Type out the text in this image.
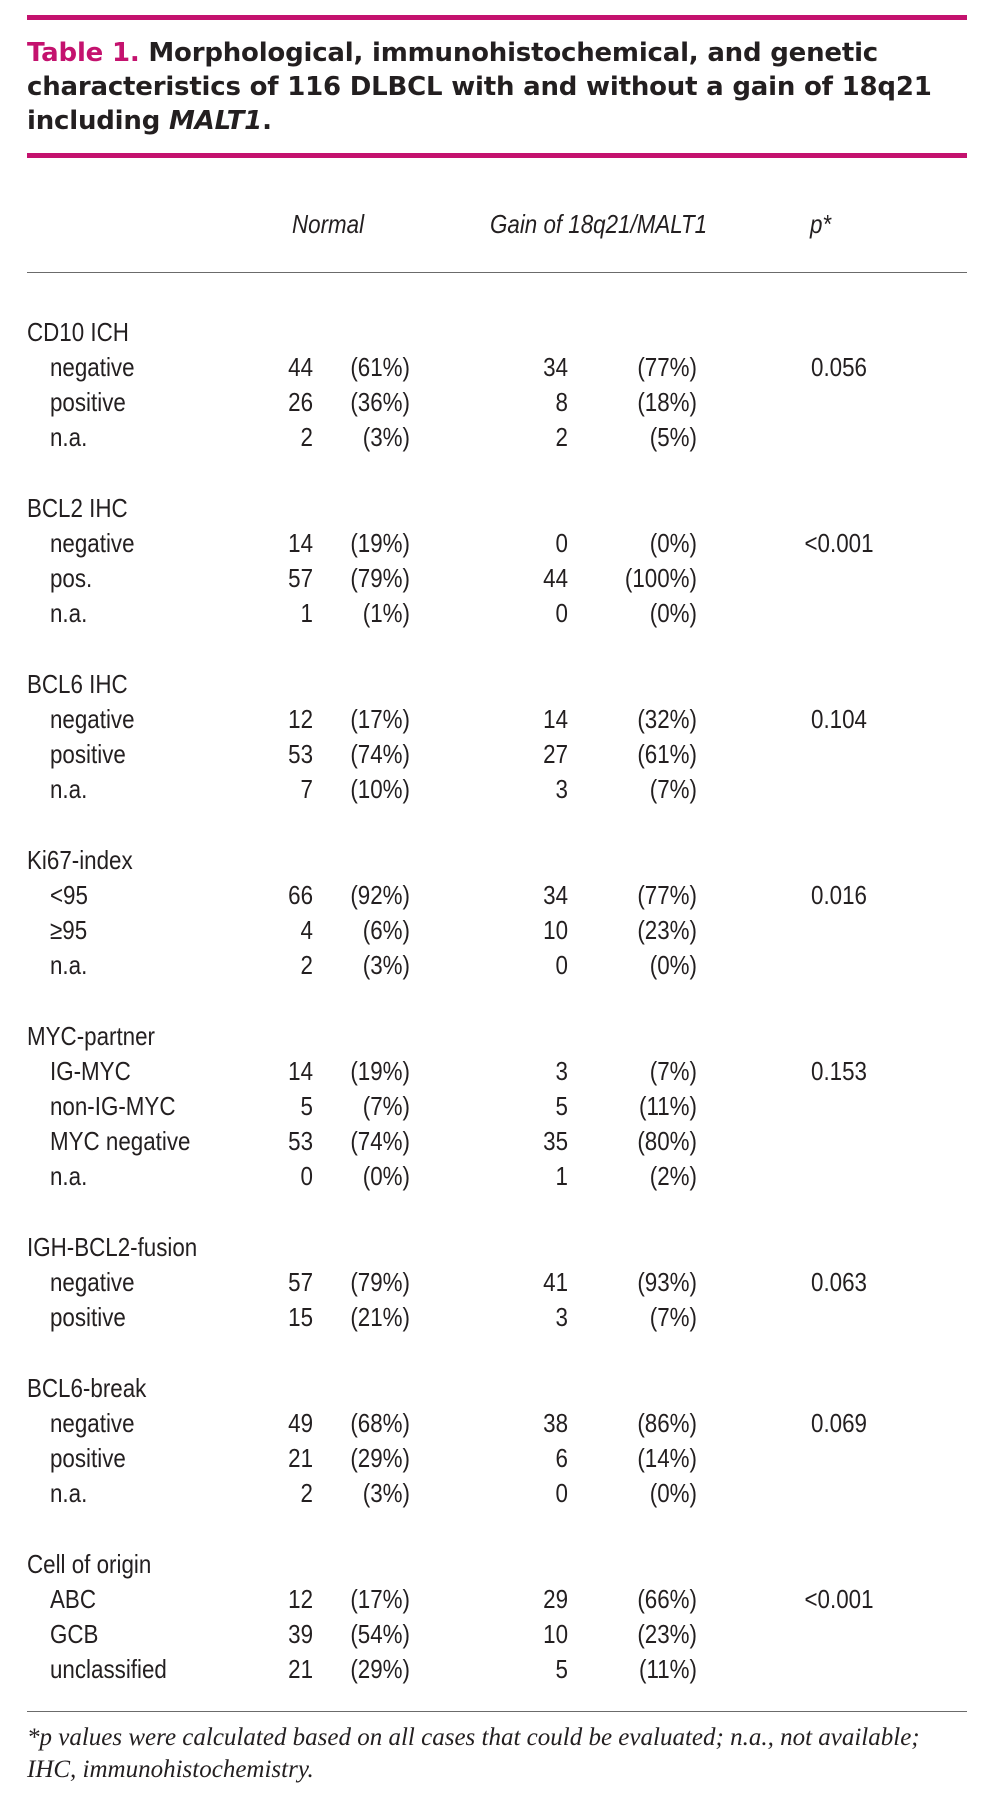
Table 1. Morphological, immunohistochemical, and genetic characteristics of 116 DLBCL with and without a gain of 18q21 including MALT1.
Normal	Gain of 18q21/MALT1	p*
CD10 ICH
negative	44	(61%)	34	(77%)	0.056
positive	26	(36%)	8	(18%)
n.a.	2	(3%)	2	(5%)
BCL2 IHC
negative	14	(19%)	0	(0%)	<0.001
pos.	57	(79%)	44	(100%)
n.a.	1	(1%)	0	(0%)
BCL6 IHC
negative	12	(17%)	14	(32%)	0.104
positive	53	(74%)	27	(61%)
n.a.	7	(10%)	3	(7%)
Ki67-index
<95	66	(92%)	34	(77%)	0.016
≥95	4	(6%)	10	(23%)
n.a.	2	(3%)	0	(0%)
MYC-partner
IG-MYC	14	(19%)	3	(7%)	0.153
non-IG-MYC	5	(7%)	5	(11%)
MYC negative	53	(74%)	35	(80%)
n.a.	0	(0%)	1	(2%)
IGH-BCL2-fusion
negative	57	(79%)	41	(93%)	0.063
positive	15	(21%)	3	(7%)
BCL6-break
negative	49	(68%)	38	(86%)	0.069
positive	21	(29%)	6	(14%)
n.a.	2	(3%)	0	(0%)
Cell of origin
ABC	12	(17%)	29	(66%)	<0.001
GCB	39	(54%)	10	(23%)
unclassified	21	(29%)	5	(11%)
*p values were calculated based on all cases that could be evaluated; n.a., not available; IHC, immunohistochemistry.
